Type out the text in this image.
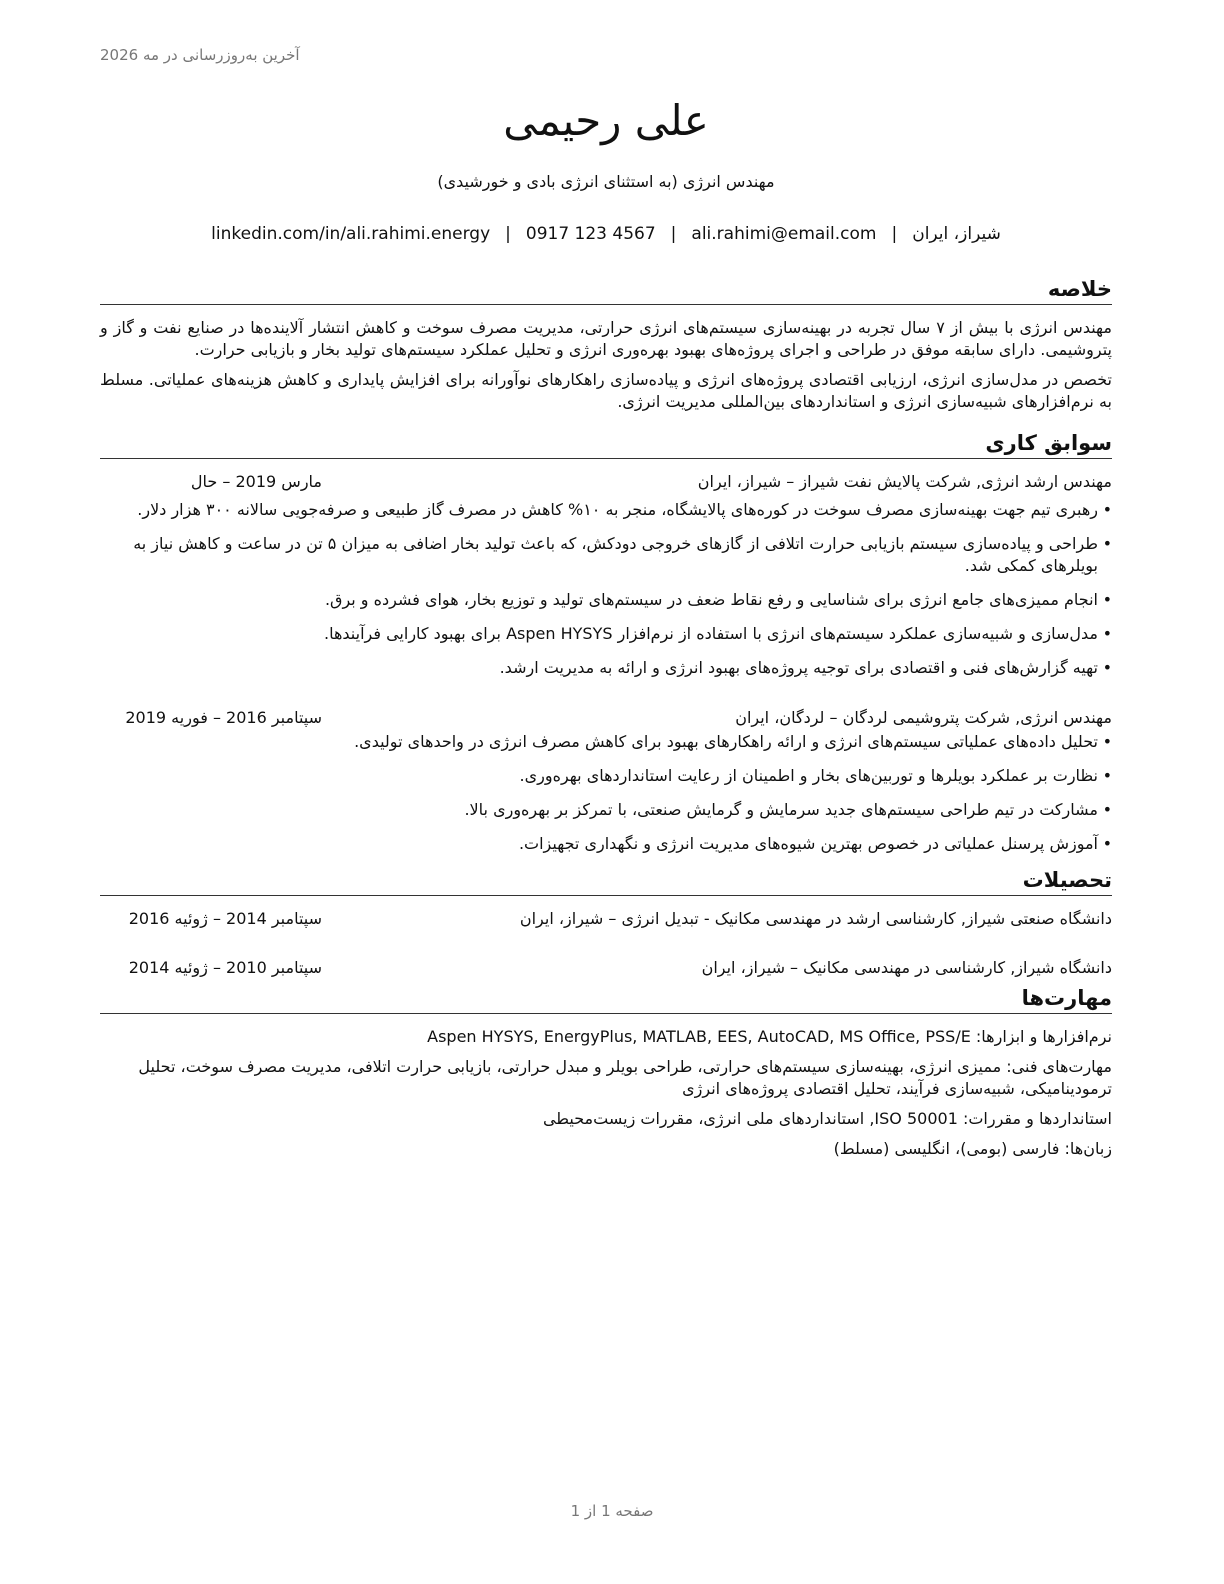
آخرین به‌روزرسانی در مه 2026
علی رحیمی
مهندس انرژی (به استثنای انرژی بادی و خورشیدی)
شیراز، ایران|ali.rahimi@email.com|0917 123 4567|linkedin.com/in/ali.rahimi.energy
خلاصه

مهندس انرژی با بیش از ۷ سال تجربه در بهینه‌سازی سیستم‌های انرژی حرارتی، مدیریت مصرف سوخت و کاهش انتشار آلاینده‌ها در صنایع نفت و گاز و پتروشیمی. دارای سابقه موفق در طراحی و اجرای پروژه‌های بهبود بهره‌وری انرژی و تحلیل عملکرد سیستم‌های تولید بخار و بازیابی حرارت.

تخصص در مدل‌سازی انرژی، ارزیابی اقتصادی پروژه‌های انرژی و پیاده‌سازی راهکارهای نوآورانه برای افزایش پایداری و کاهش هزینه‌های عملیاتی. مسلط به نرم‌افزارهای شبیه‌سازی انرژی و استانداردهای بین‌المللی مدیریت انرژی.

سوابق کاری
مهندس ارشد انرژی, شرکت پالایش نفت شیراز – شیراز، ایران
مارس 2019 – حال
• رهبری تیم جهت بهینه‌سازی مصرف سوخت در کوره‌های پالایشگاه، منجر به ۱۰% کاهش در مصرف گاز طبیعی و صرفه‌جویی سالانه ۳۰۰ هزار دلار.
• طراحی و پیاده‌سازی سیستم بازیابی حرارت اتلافی از گازهای خروجی دودکش، که باعث تولید بخار اضافی به میزان ۵ تن در ساعت و کاهش نیاز به بویلرهای کمکی شد.
• انجام ممیزی‌های جامع انرژی برای شناسایی و رفع نقاط ضعف در سیستم‌های تولید و توزیع بخار، هوای فشرده و برق.
• مدل‌سازی و شبیه‌سازی عملکرد سیستم‌های انرژی با استفاده از نرم‌افزار Aspen HYSYS برای بهبود کارایی فرآیندها.
• تهیه گزارش‌های فنی و اقتصادی برای توجیه پروژه‌های بهبود انرژی و ارائه به مدیریت ارشد.
مهندس انرژی, شرکت پتروشیمی لردگان – لردگان، ایران
سپتامبر 2016 – فوریه 2019
• تحلیل داده‌های عملیاتی سیستم‌های انرژی و ارائه راهکارهای بهبود برای کاهش مصرف انرژی در واحدهای تولیدی.
• نظارت بر عملکرد بویلرها و توربین‌های بخار و اطمینان از رعایت استانداردهای بهره‌وری.
• مشارکت در تیم طراحی سیستم‌های جدید سرمایش و گرمایش صنعتی، با تمرکز بر بهره‌وری بالا.
• آموزش پرسنل عملیاتی در خصوص بهترین شیوه‌های مدیریت انرژی و نگهداری تجهیزات.
تحصیلات
دانشگاه صنعتی شیراز, کارشناسی ارشد در مهندسی مکانیک - تبدیل انرژی – شیراز، ایران
سپتامبر 2014 – ژوئیه 2016
دانشگاه شیراز, کارشناسی در مهندسی مکانیک – شیراز، ایران
سپتامبر 2010 – ژوئیه 2014
مهارت‌ها
نرم‌افزارها و ابزارها: Aspen HYSYS, EnergyPlus, MATLAB, EES, AutoCAD, MS Office, PSS/E
مهارت‌های فنی: ممیزی انرژی، بهینه‌سازی سیستم‌های حرارتی، طراحی بویلر و مبدل حرارتی، بازیابی حرارت اتلافی، مدیریت مصرف سوخت، تحلیل ترمودینامیکی، شبیه‌سازی فرآیند، تحلیل اقتصادی پروژه‌های انرژی
استانداردها و مقررات: ISO 50001, استانداردهای ملی انرژی، مقررات زیست‌محیطی
زبان‌ها: فارسی (بومی)، انگلیسی (مسلط)
صفحه 1 از 1
